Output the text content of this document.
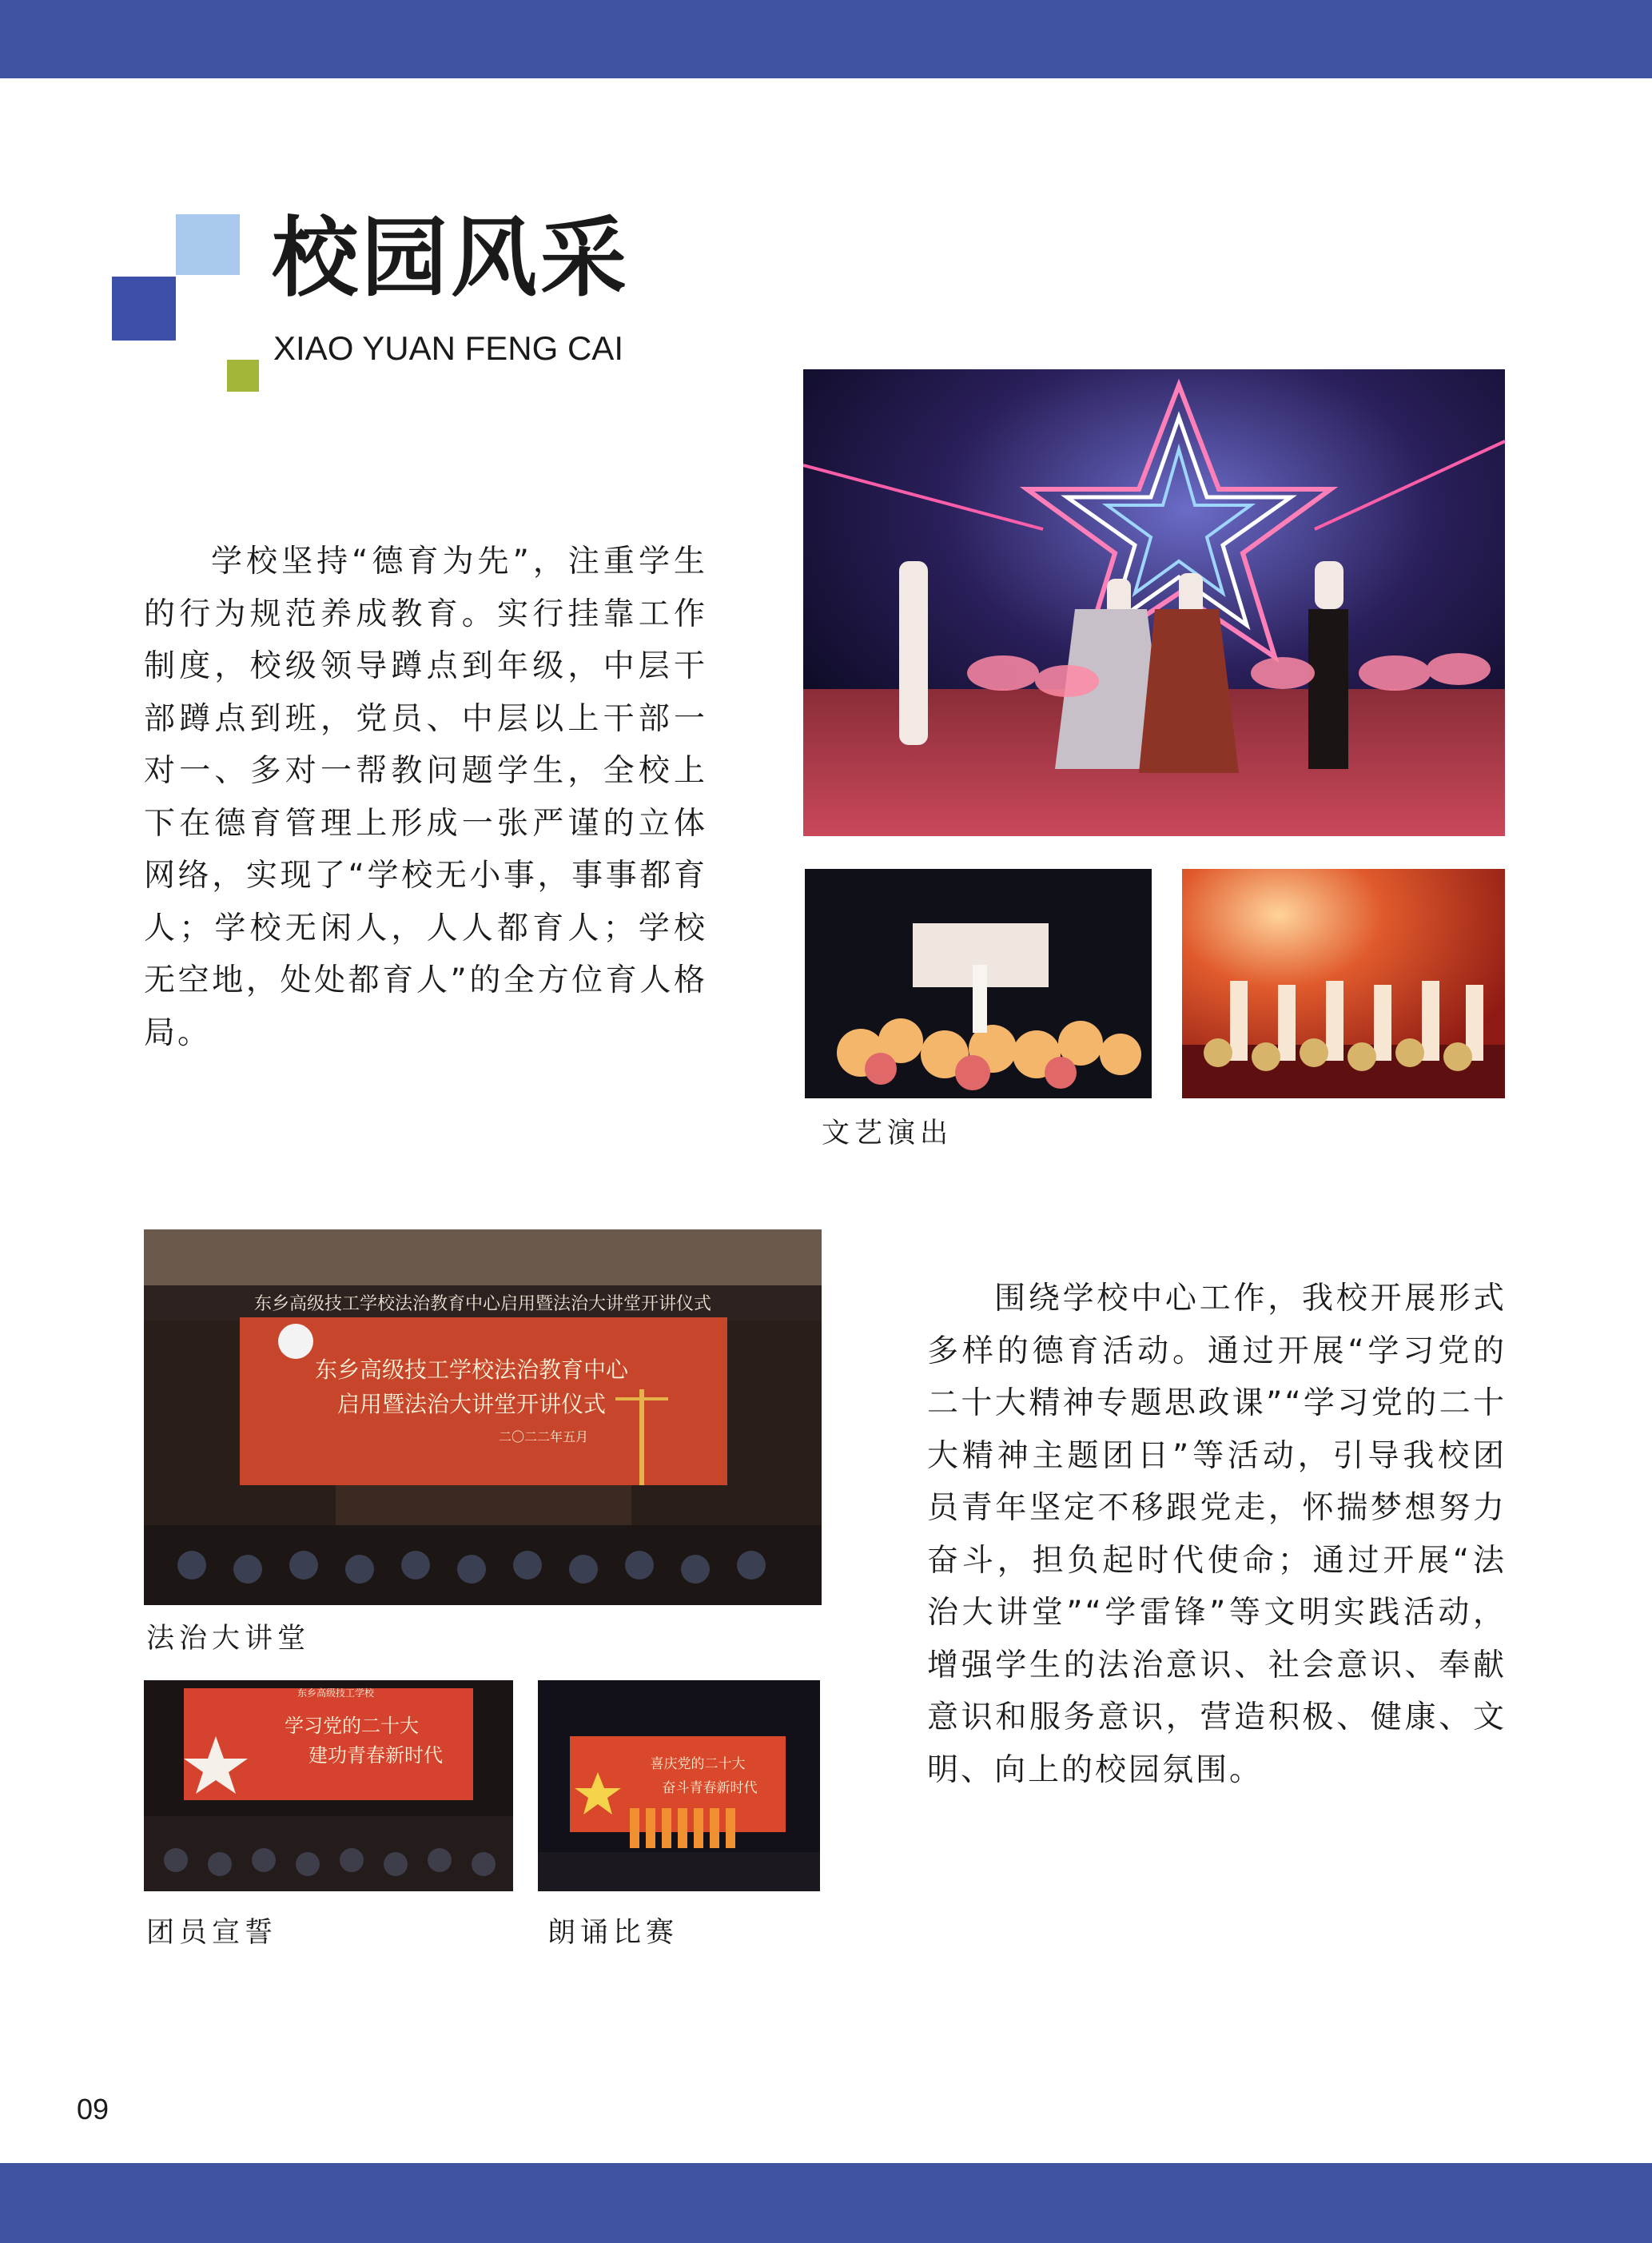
校园风采
XIAO YUAN FENG CAI
文艺演出
学校坚持“德育为先”，注重学生的行为规范养成教育。实行挂靠工作制度，校级领导蹲点到年级，中层干部蹲点到班，党员、中层以上干部一对一、多对一帮教问题学生，全校上下在德育管理上形成一张严谨的立体网络，实现了“学校无小事，事事都育人；学校无闲人，人人都育人；学校无空地，处处都育人”的全方位育人格局。
东乡高级技工学校法治教育中心启用暨法治大讲堂开讲仪式
东乡高级技工学校法治教育中心
启用暨法治大讲堂开讲仪式
二〇二二年五月
法治大讲堂
东乡高级技工学校
学习党的二十大
建功青春新时代	喜庆党的二十大
奋斗青春新时代
团员宣誓	朗诵比赛
围绕学校中心工作，我校开展形式多样的德育活动。通过开展“学习党的二十大精神专题思政课”“学习党的二十大精神主题团日”等活动，引导我校团员青年坚定不移跟党走，怀揣梦想努力奋斗，担负起时代使命；通过开展“法治大讲堂”“学雷锋”等文明实践活动，增强学生的法治意识、社会意识、奉献意识和服务意识，营造积极、健康、文明、向上的校园氛围。
09
